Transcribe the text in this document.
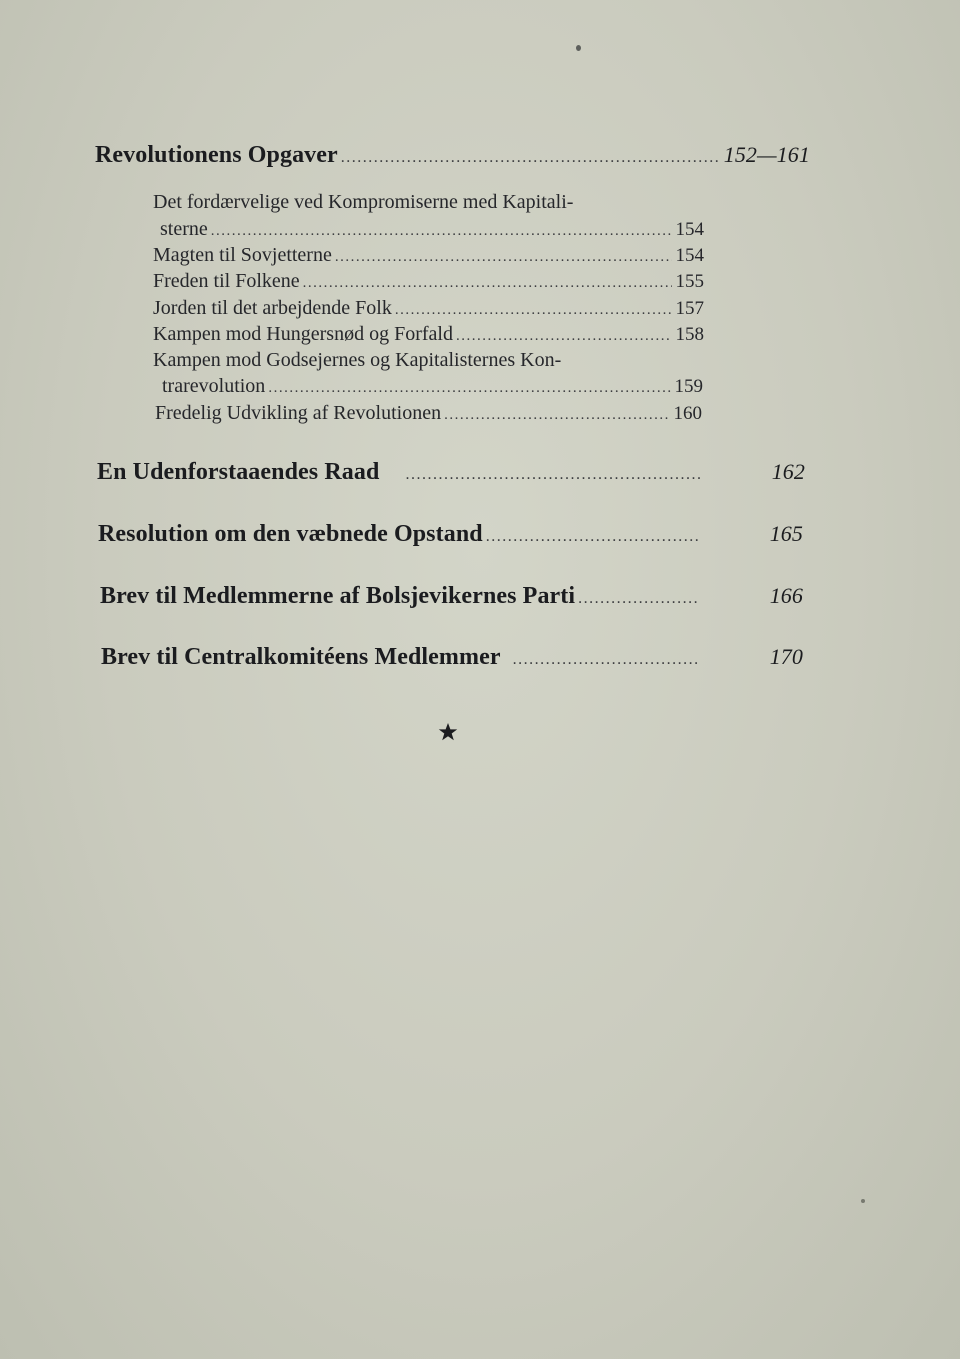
Revolutionens Opgaver .....	152—161
Det fordærvelige ved Kompromiserne med Kapitali-
sterne .....	154
Magten til Sovjetterne .....	154
Freden til Folkene .....	155
Jorden til det arbejdende Folk .....	157
Kampen mod Hungersnød og Forfald .....	158
Kampen mod Godsejernes og Kapitalisternes Kon-
trarevolution .....	159
Fredelig Udvikling af Revolutionen .....	160
En Udenforstaaendes Raad .....	162
Resolution om den væbnede Opstand .....	165
Brev til Medlemmerne af Bolsjevikernes Parti .....	166
Brev til Centralkomitéens Medlemmer .....	170
